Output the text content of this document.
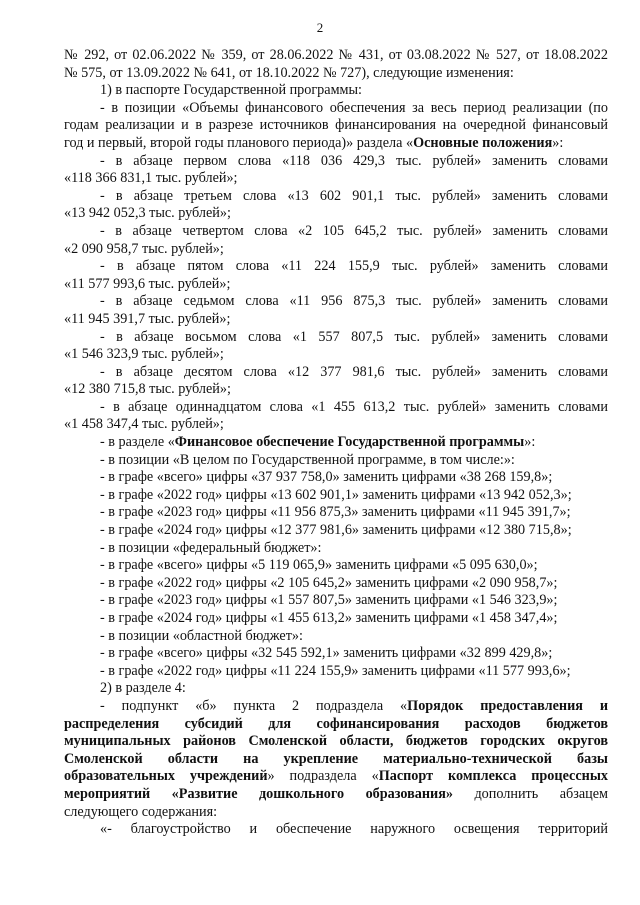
2
№ 292, от 02.06.2022 № 359, от 28.06.2022 № 431, от 03.08.2022 № 527, от 18.08.2022
№ 575, от 13.09.2022 № 641, от 18.10.2022 № 727), следующие изменения:
1) в паспорте Государственной программы:
- в позиции «Объемы финансового обеспечения за весь период реализации (по
годам реализации и в разрезе источников финансирования на очередной финансовый
год и первый, второй годы планового периода)» раздела «Основные положения»:
- в абзаце первом слова «118 036 429,3 тыс. рублей» заменить словами
«118 366 831,1 тыс. рублей»;
- в абзаце третьем слова «13 602 901,1 тыс. рублей» заменить словами
«13 942 052,3 тыс. рублей»;
- в абзаце четвертом слова «2 105 645,2 тыс. рублей» заменить словами
«2 090 958,7 тыс. рублей»;
- в абзаце пятом слова «11 224 155,9 тыс. рублей» заменить словами
«11 577 993,6 тыс. рублей»;
- в абзаце седьмом слова «11 956 875,3 тыс. рублей» заменить словами
«11 945 391,7 тыс. рублей»;
- в абзаце восьмом слова «1 557 807,5 тыс. рублей» заменить словами
«1 546 323,9 тыс. рублей»;
- в абзаце десятом слова «12 377 981,6 тыс. рублей» заменить словами
«12 380 715,8 тыс. рублей»;
- в абзаце одиннадцатом слова «1 455 613,2 тыс. рублей» заменить словами
«1 458 347,4 тыс. рублей»;
- в разделе «Финансовое обеспечение Государственной программы»:
- в позиции «В целом по Государственной программе, в том числе:»:
- в графе «всего» цифры «37 937 758,0» заменить цифрами «38 268 159,8»;
- в графе «2022 год» цифры «13 602 901,1» заменить цифрами «13 942 052,3»;
- в графе «2023 год» цифры «11 956 875,3» заменить цифрами «11 945 391,7»;
- в графе «2024 год» цифры «12 377 981,6» заменить цифрами «12 380 715,8»;
- в позиции «федеральный бюджет»:
- в графе «всего» цифры «5 119 065,9» заменить цифрами «5 095 630,0»;
- в графе «2022 год» цифры «2 105 645,2» заменить цифрами «2 090 958,7»;
- в графе «2023 год» цифры «1 557 807,5» заменить цифрами «1 546 323,9»;
- в графе «2024 год» цифры «1 455 613,2» заменить цифрами «1 458 347,4»;
- в позиции «областной бюджет»:
- в графе «всего» цифры «32 545 592,1» заменить цифрами «32 899 429,8»;
- в графе «2022 год» цифры «11 224 155,9» заменить цифрами «11 577 993,6»;
2) в разделе 4:
- подпункт «б» пункта 2 подраздела «Порядок предоставления и
распределения субсидий для софинансирования расходов бюджетов
муниципальных районов Смоленской области, бюджетов городских округов
Смоленской области на укрепление материально-технической базы
образовательных учреждений» подраздела «Паспорт комплекса процессных
мероприятий «Развитие дошкольного образования» дополнить абзацем
следующего содержания:
«- благоустройство и обеспечение наружного освещения территорий
